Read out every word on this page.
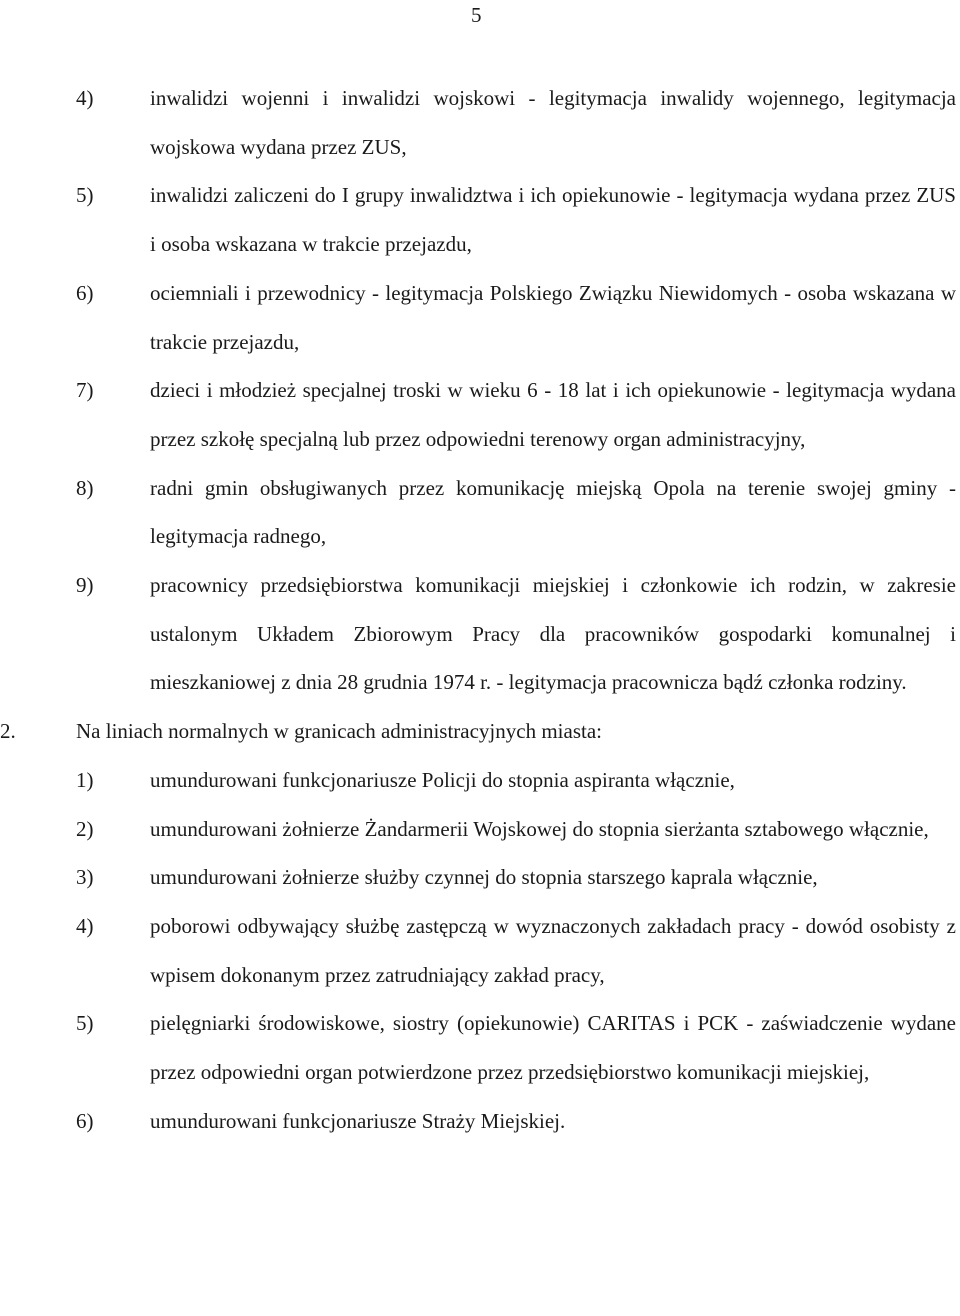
5
4)	inwalidzi wojenni i inwalidzi wojskowi - legitymacja inwalidy wojennego, legitymacja wojskowa wydana przez ZUS,
5)	inwalidzi zaliczeni do I grupy inwalidztwa i ich opiekunowie - legitymacja wydana przez ZUS i osoba wskazana w trakcie przejazdu,
6)	ociemniali i przewodnicy - legitymacja Polskiego Związku Niewidomych - osoba wskazana w trakcie przejazdu,
7)	dzieci i młodzież specjalnej troski w wieku 6 - 18 lat i ich opiekunowie - legitymacja wydana przez szkołę specjalną lub przez odpowiedni terenowy organ administracyjny,
8)	radni gmin obsługiwanych przez komunikację miejską Opola na terenie swojej gminy - legitymacja radnego,
9)	pracownicy przedsiębiorstwa komunikacji miejskiej i członkowie ich rodzin, w zakresie ustalonym Układem Zbiorowym Pracy dla pracowników gospodarki komunalnej i mieszkaniowej z dnia 28 grudnia 1974 r. - legitymacja pracownicza bądź członka rodziny.
2.	Na liniach normalnych w granicach administracyjnych miasta:
1)	umundurowani funkcjonariusze Policji do stopnia aspiranta włącznie,
2)	umundurowani żołnierze Żandarmerii Wojskowej do stopnia sierżanta sztabowego włącznie,
3)	umundurowani żołnierze służby czynnej do stopnia starszego kaprala włącznie,
4)	poborowi odbywający służbę zastępczą w wyznaczonych zakładach pracy - dowód osobisty z wpisem dokonanym przez zatrudniający zakład pracy,
5)	pielęgniarki środowiskowe, siostry (opiekunowie) CARITAS i PCK - zaświadczenie wydane przez odpowiedni organ potwierdzone przez przedsiębiorstwo komunikacji miejskiej,
6)	umundurowani funkcjonariusze Straży Miejskiej.
